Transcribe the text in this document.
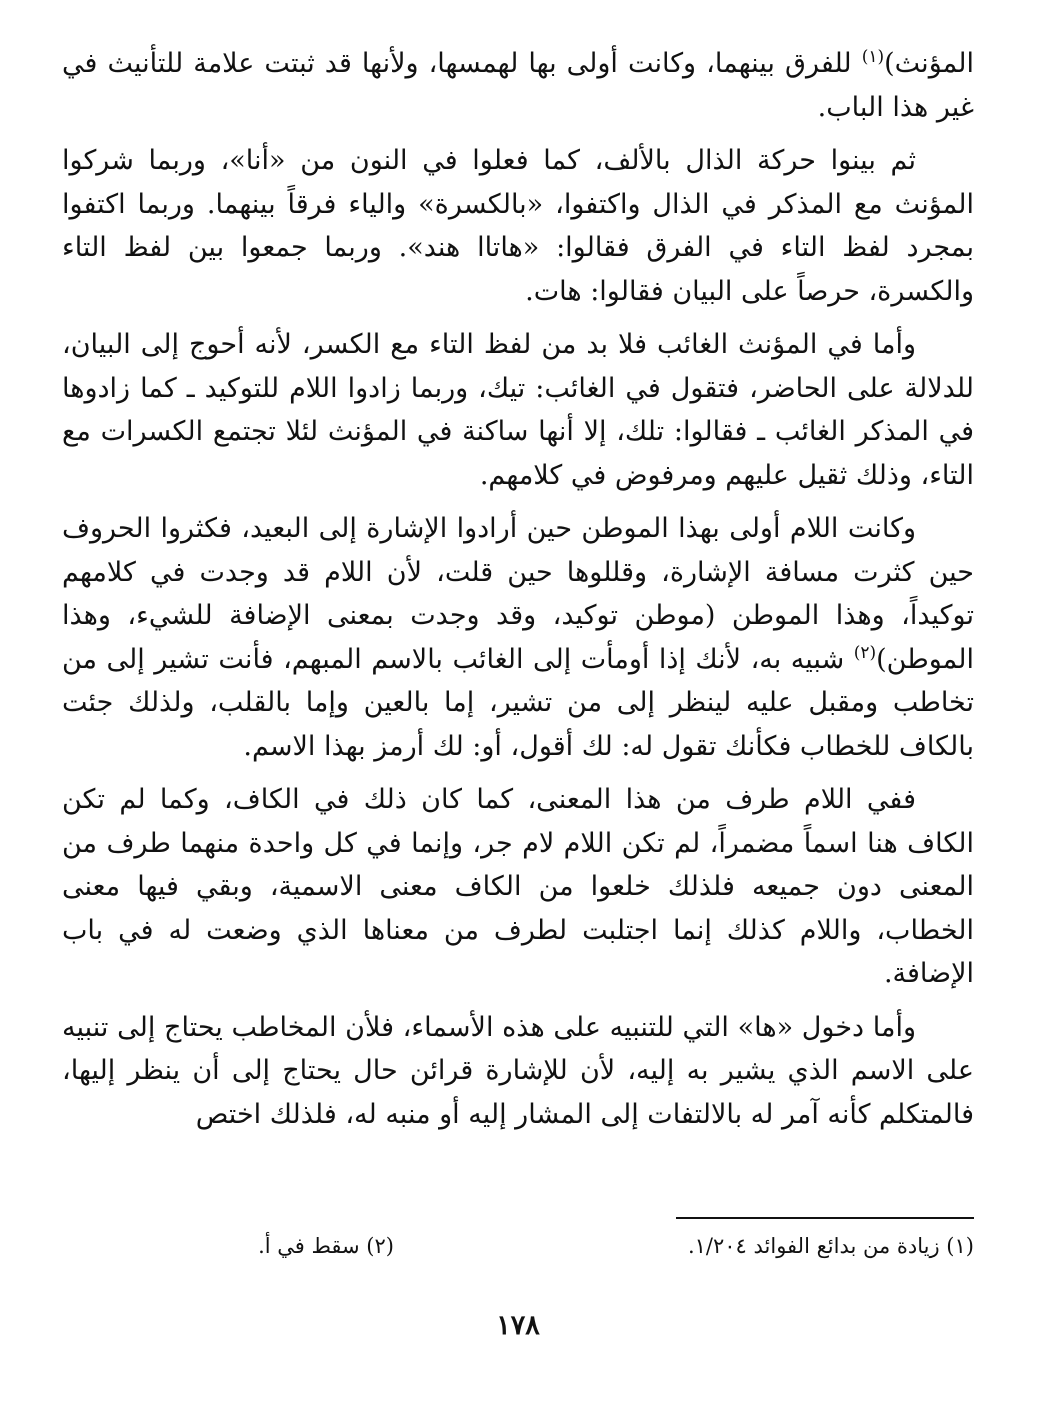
المؤنث)$^{(١)}$ للفرق بينهما، وكانت أولى بها لهمسها، ولأنها قد ثبتت علامة للتأنيث في غير هذا الباب.

ثم بينوا حركة الذال بالألف، كما فعلوا في النون من «أنا»، وربما شركوا المؤنث مع المذكر في الذال واكتفوا، «بالكسرة» والياء فرقاً بينهما. وربما اكتفوا بمجرد لفظ التاء في الفرق فقالوا: «هاتاا هند». وربما جمعوا بين لفظ التاء والكسرة، حرصاً على البيان فقالوا: هات.

وأما في المؤنث الغائب فلا بد من لفظ التاء مع الكسر، لأنه أحوج إلى البيان، للدلالة على الحاضر، فتقول في الغائب: تيك، وربما زادوا اللام للتوكيد ـ كما زادوها في المذكر الغائب ـ فقالوا: تلك، إلا أنها ساكنة في المؤنث لئلا تجتمع الكسرات مع التاء، وذلك ثقيل عليهم ومرفوض في كلامهم.

وكانت اللام أولى بهذا الموطن حين أرادوا الإشارة إلى البعيد، فكثروا الحروف حين كثرت مسافة الإشارة، وقللوها حين قلت، لأن اللام قد وجدت في كلامهم توكيداً، وهذا الموطن (موطن توكيد، وقد وجدت بمعنى الإضافة للشيء، وهذا الموطن)$^{(٢)}$ شبيه به، لأنك إذا أومأت إلى الغائب بالاسم المبهم، فأنت تشير إلى من تخاطب ومقبل عليه لينظر إلى من تشير، إما بالعين وإما بالقلب، ولذلك جئت بالكاف للخطاب فكأنك تقول له: لك أقول، أو: لك أرمز بهذا الاسم.

ففي اللام طرف من هذا المعنى، كما كان ذلك في الكاف، وكما لم تكن الكاف هنا اسماً مضمراً، لم تكن اللام لام جر، وإنما في كل واحدة منهما طرف من المعنى دون جميعه فلذلك خلعوا من الكاف معنى الاسمية، وبقي فيها معنى الخطاب، واللام كذلك إنما اجتلبت لطرف من معناها الذي وضعت له في باب الإضافة.

وأما دخول «ها» التي للتنبيه على هذه الأسماء، فلأن المخاطب يحتاج إلى تنبيه على الاسم الذي يشير به إليه، لأن للإشارة قرائن حال يحتاج إلى أن ينظر إليها، فالمتكلم كأنه آمر له بالالتفات إلى المشار إليه أو منبه له، فلذلك اختص

(١) زيادة من بدائع الفوائد ١/٢٠٤.
(٢) سقط في أ.
١٧٨
